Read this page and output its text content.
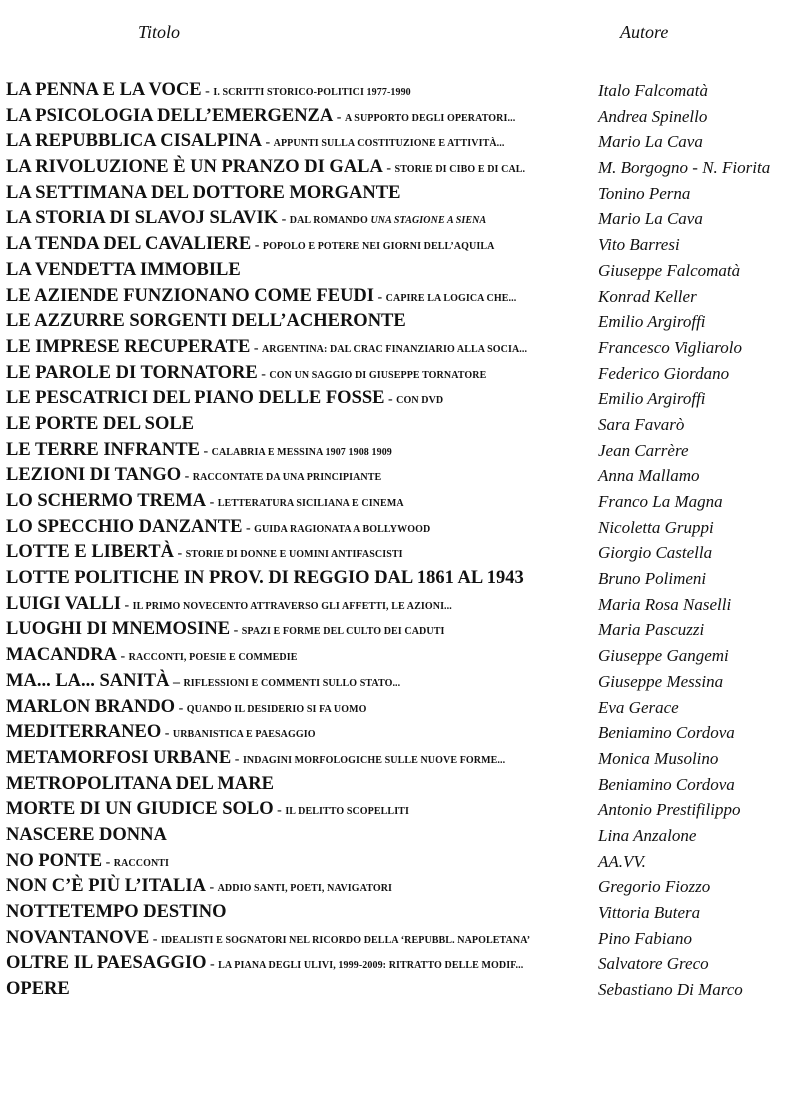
Titolo	Autore
LA PENNA E LA VOCE - I. SCRITTI STORICO-POLITICI 1977-1990	Italo Falcomatà
LA PSICOLOGIA DELL’EMERGENZA - A SUPPORTO DEGLI OPERATORI...	Andrea Spinello
LA REPUBBLICA CISALPINA - APPUNTI SULLA COSTITUZIONE E ATTIVITÀ...	Mario La Cava
LA RIVOLUZIONE È UN PRANZO DI GALA - STORIE DI CIBO E DI CAL.	M. Borgogno - N. Fiorita
LA SETTIMANA DEL DOTTORE MORGANTE	Tonino Perna
LA STORIA DI SLAVOJ SLAVIK - DAL ROMANDO UNA STAGIONE A SIENA	Mario La Cava
LA TENDA DEL CAVALIERE - POPOLO E POTERE NEI GIORNI DELL’AQUILA	Vito Barresi
LA VENDETTA IMMOBILE	Giuseppe Falcomatà
LE AZIENDE FUNZIONANO COME FEUDI - CAPIRE LA LOGICA CHE...	Konrad Keller
LE AZZURRE SORGENTI DELL’ACHERONTE	Emilio Argiroffi
LE IMPRESE RECUPERATE - ARGENTINA: DAL CRAC FINANZIARIO ALLA SOCIA...	Francesco Vigliarolo
LE PAROLE DI TORNATORE - CON UN SAGGIO DI GIUSEPPE TORNATORE	Federico Giordano
LE PESCATRICI DEL PIANO DELLE FOSSE - CON DVD	Emilio Argiroffi
LE PORTE DEL SOLE	Sara Favarò
LE TERRE INFRANTE - CALABRIA E MESSINA 1907 1908 1909	Jean Carrère
LEZIONI DI TANGO - RACCONTATE DA UNA PRINCIPIANTE	Anna Mallamo
LO SCHERMO TREMA - LETTERATURA SICILIANA E CINEMA	Franco La Magna
LO SPECCHIO DANZANTE - GUIDA RAGIONATA A BOLLYWOOD	Nicoletta Gruppi
LOTTE E LIBERTÀ - STORIE DI DONNE E UOMINI ANTIFASCISTI	Giorgio Castella
LOTTE POLITICHE IN PROV. DI REGGIO DAL 1861 AL 1943	Bruno Polimeni
LUIGI VALLI - IL PRIMO NOVECENTO ATTRAVERSO GLI AFFETTI, LE AZIONI...	Maria Rosa Naselli
LUOGHI DI MNEMOSINE - SPAZI E FORME DEL CULTO DEI CADUTI	Maria Pascuzzi
MACANDRA - RACCONTI, POESIE E COMMEDIE	Giuseppe Gangemi
MA... LA... SANITÀ – RIFLESSIONI E COMMENTI SULLO STATO...	Giuseppe Messina
MARLON BRANDO - QUANDO IL DESIDERIO SI FA UOMO	Eva Gerace
MEDITERRANEO - URBANISTICA E PAESAGGIO	Beniamino Cordova
METAMORFOSI URBANE - INDAGINI MORFOLOGICHE SULLE NUOVE FORME...	Monica Musolino
METROPOLITANA DEL MARE	Beniamino Cordova
MORTE DI UN GIUDICE SOLO - IL DELITTO SCOPELLITI	Antonio Prestifilippo
NASCERE DONNA	Lina Anzalone
NO PONTE - RACCONTI	AA.VV.
NON C’È PIÙ L’ITALIA - ADDIO SANTI, POETI, NAVIGATORI	Gregorio Fiozzo
NOTTETEMPO DESTINO	Vittoria Butera
NOVANTANOVE - IDEALISTI E SOGNATORI NEL RICORDO DELLA ‘REPUBBL. NAPOLETANA’	Pino Fabiano
OLTRE IL PAESAGGIO - LA PIANA DEGLI ULIVI, 1999-2009: RITRATTO DELLE MODIF...	Salvatore Greco
OPERE	Sebastiano Di Marco
